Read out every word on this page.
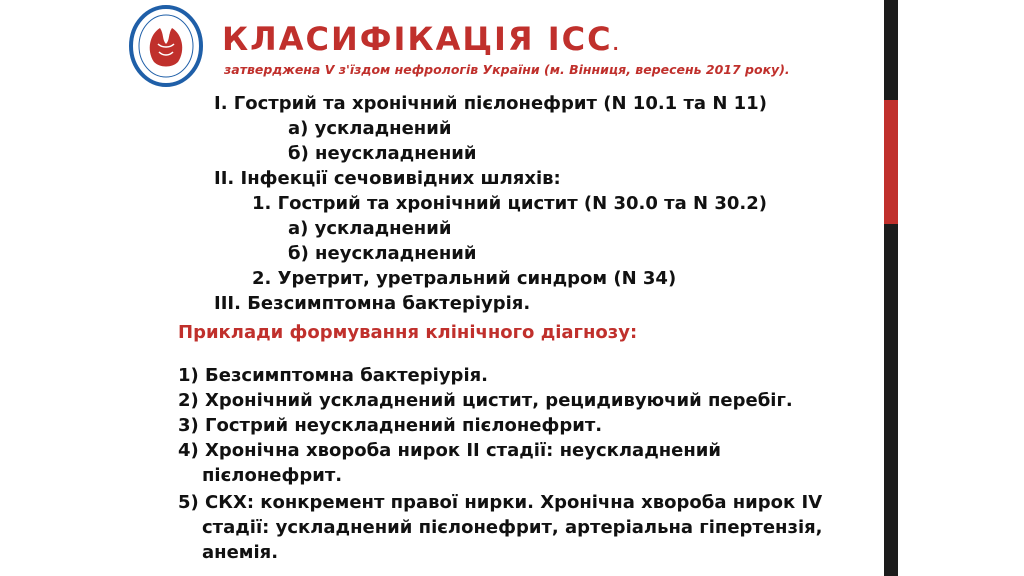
КЛАСИФІКАЦІЯ ІСС.
затверджена V з'їздом нефрологів України (м. Вінниця, вересень 2017 року).
I. Гострий та хронічний пієлонефрит (N 10.1 та N 11)
а) ускладнений
б) неускладнений
II. Інфекції сечовивідних шляхів:
1. Гострий та хронічний цистит (N 30.0 та N 30.2)
а) ускладнений
б) неускладнений
2. Уретрит, уретральний синдром (N 34)
III. Безсимптомна бактеріурія.
Приклади формування клінічного діагнозу:
1) Безсимптомна бактеріурія.
2) Хронічний ускладнений цистит, рецидивуючий перебіг.
3) Гострий неускладнений пієлонефрит.
4) Хронічна хвороба нирок II стадії: неускладнений
пієлонефрит.
5) СКХ: конкремент правої нирки. Хронічна хвороба нирок IV
стадії: ускладнений пієлонефрит, артеріальна гіпертензія,
анемія.
